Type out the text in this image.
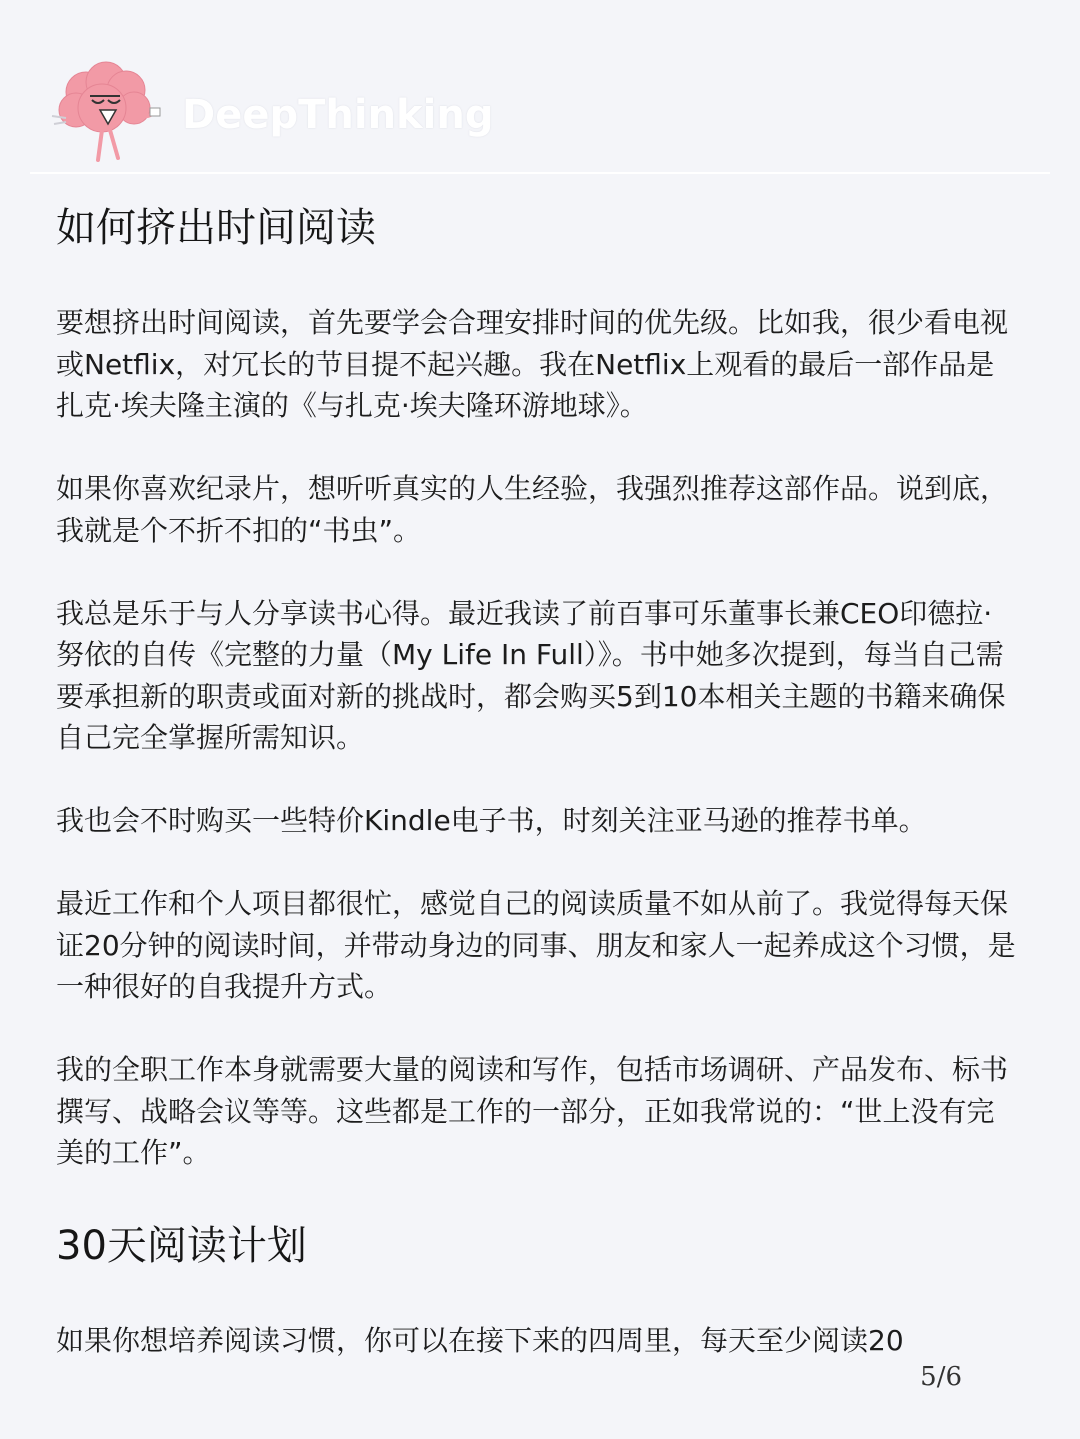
DeepThinking
如何挤出时间阅读

要想挤出时间阅读，首先要学会合理安排时间的优先级。比如我，很少看电视或Netflix，对冗长的节目提不起兴趣。我在Netflix上观看的最后一部作品是扎克·埃夫隆主演的《与扎克·埃夫隆环游地球》。

如果你喜欢纪录片，想听听真实的人生经验，我强烈推荐这部作品。说到底，我就是个不折不扣的“书虫”。

我总是乐于与人分享读书心得。最近我读了前百事可乐董事长兼CEO印德拉·努依的自传《完整的力量（My Life In Full）》。书中她多次提到，每当自己需要承担新的职责或面对新的挑战时，都会购买5到10本相关主题的书籍来确保自己完全掌握所需知识。

我也会不时购买一些特价Kindle电子书，时刻关注亚马逊的推荐书单。

最近工作和个人项目都很忙，感觉自己的阅读质量不如从前了。我觉得每天保证20分钟的阅读时间，并带动身边的同事、朋友和家人一起养成这个习惯，是一种很好的自我提升方式。

我的全职工作本身就需要大量的阅读和写作，包括市场调研、产品发布、标书撰写、战略会议等等。这些都是工作的一部分，正如我常说的：“世上没有完美的工作”。

30天阅读计划

如果你想培养阅读习惯，你可以在接下来的四周里，每天至少阅读20

5/6
